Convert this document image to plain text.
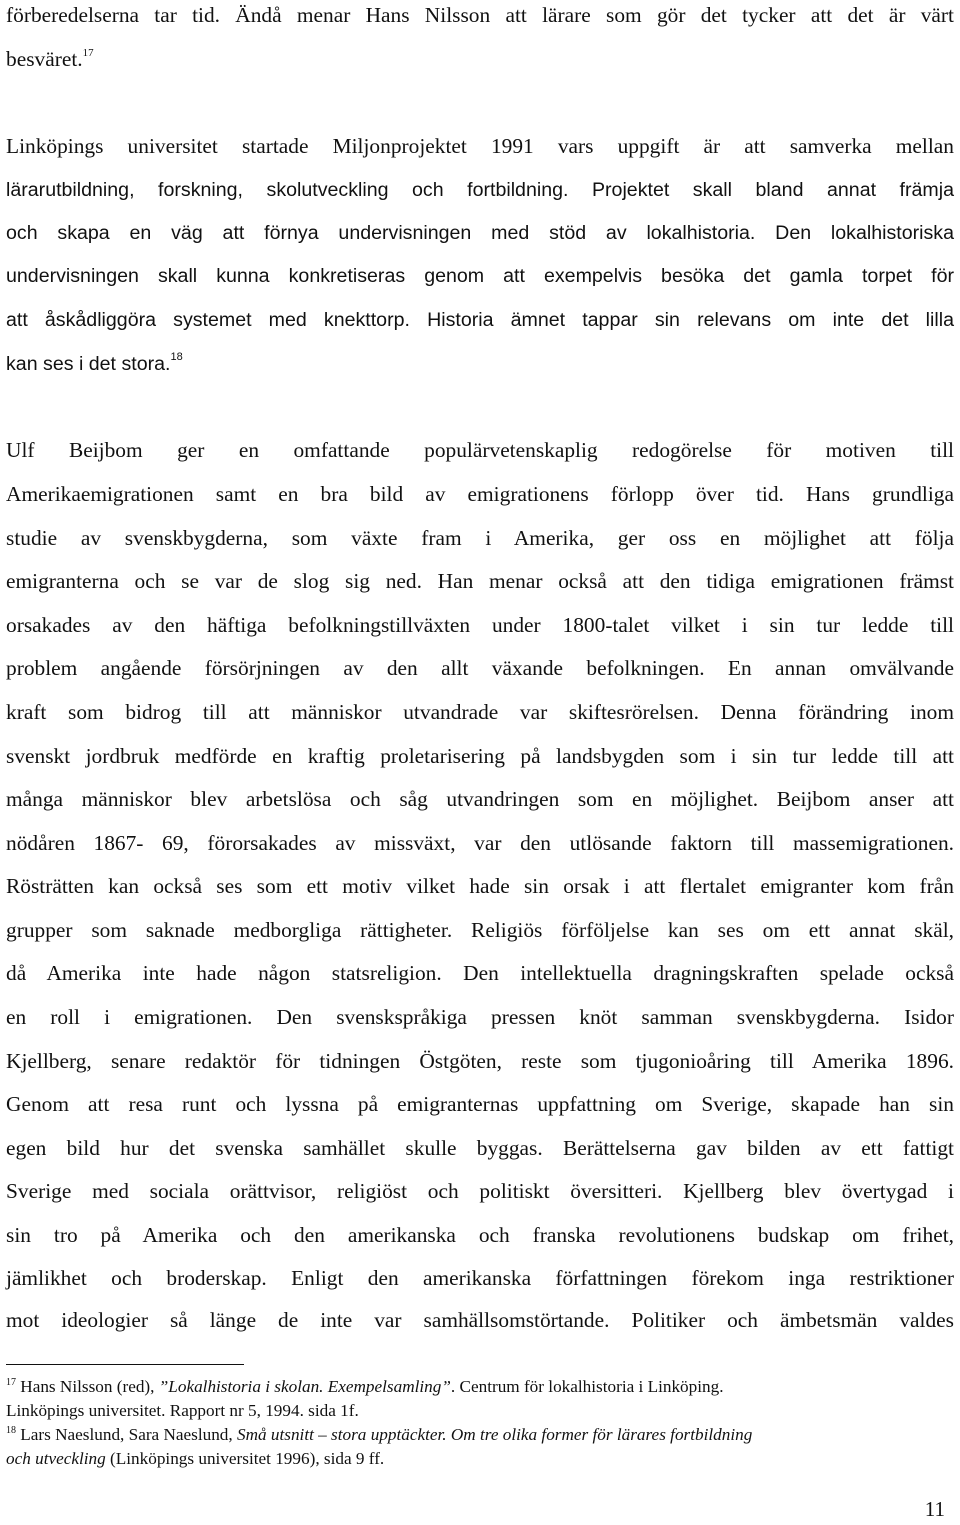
förberedelserna tar tid. Ändå menar Hans Nilsson att lärare som gör det tycker att det är värt
besväret.$^{17}$
Linköpings universitet startade Miljonprojektet 1991 vars uppgift är att samverka mellan
lärarutbildning, forskning, skolutveckling och fortbildning. Projektet skall bland annat främja
och skapa en väg att förnya undervisningen med stöd av lokalhistoria. Den lokalhistoriska
undervisningen skall kunna konkretiseras genom att exempelvis besöka det gamla torpet för
att åskådliggöra systemet med knekttorp. Historia ämnet tappar sin relevans om inte det lilla
kan ses i det stora.$^{18}$
Ulf Beijbom ger en omfattande populärvetenskaplig redogörelse för motiven till
Amerikaemigrationen samt en bra bild av emigrationens förlopp över tid. Hans grundliga
studie av svenskbygderna, som växte fram i Amerika, ger oss en möjlighet att följa
emigranterna och se var de slog sig ned. Han menar också att den tidiga emigrationen främst
orsakades av den häftiga befolkningstillväxten under 1800-talet vilket i sin tur ledde till
problem angående försörjningen av den allt växande befolkningen. En annan omvälvande
kraft som bidrog till att människor utvandrade var skiftesrörelsen. Denna förändring inom
svenskt jordbruk medförde en kraftig proletarisering på landsbygden som i sin tur ledde till att
många människor blev arbetslösa och såg utvandringen som en möjlighet. Beijbom anser att
nödåren 1867- 69, förorsakades av missväxt, var den utlösande faktorn till massemigrationen.
Rösträtten kan också ses som ett motiv vilket hade sin orsak i att flertalet emigranter kom från
grupper som saknade medborgliga rättigheter. Religiös förföljelse kan ses om ett annat skäl,
då Amerika inte hade någon statsreligion. Den intellektuella dragningskraften spelade också
en roll i emigrationen. Den svenskspråkiga pressen knöt samman svenskbygderna. Isidor
Kjellberg, senare redaktör för tidningen Östgöten, reste som tjugonioåring till Amerika 1896.
Genom att resa runt och lyssna på emigranternas uppfattning om Sverige, skapade han sin
egen bild hur det svenska samhället skulle byggas. Berättelserna gav bilden av ett fattigt
Sverige med sociala orättvisor, religiöst och politiskt översitteri. Kjellberg blev övertygad i
sin tro på Amerika och den amerikanska och franska revolutionens budskap om frihet,
jämlikhet och broderskap. Enligt den amerikanska författningen förekom inga restriktioner
mot ideologier så länge de inte var samhällsomstörtande. Politiker och ämbetsmän valdes
$^{17}$ Hans Nilsson (red), ”Lokalhistoria i skolan. Exempelsamling”. Centrum för lokalhistoria i Linköping.
Linköpings universitet. Rapport nr 5, 1994. sida 1f.
$^{18}$ Lars Naeslund, Sara Naeslund, Små utsnitt – stora upptäckter. Om tre olika former för lärares fortbildning
och utveckling (Linköpings universitet 1996), sida 9 ff.
11
